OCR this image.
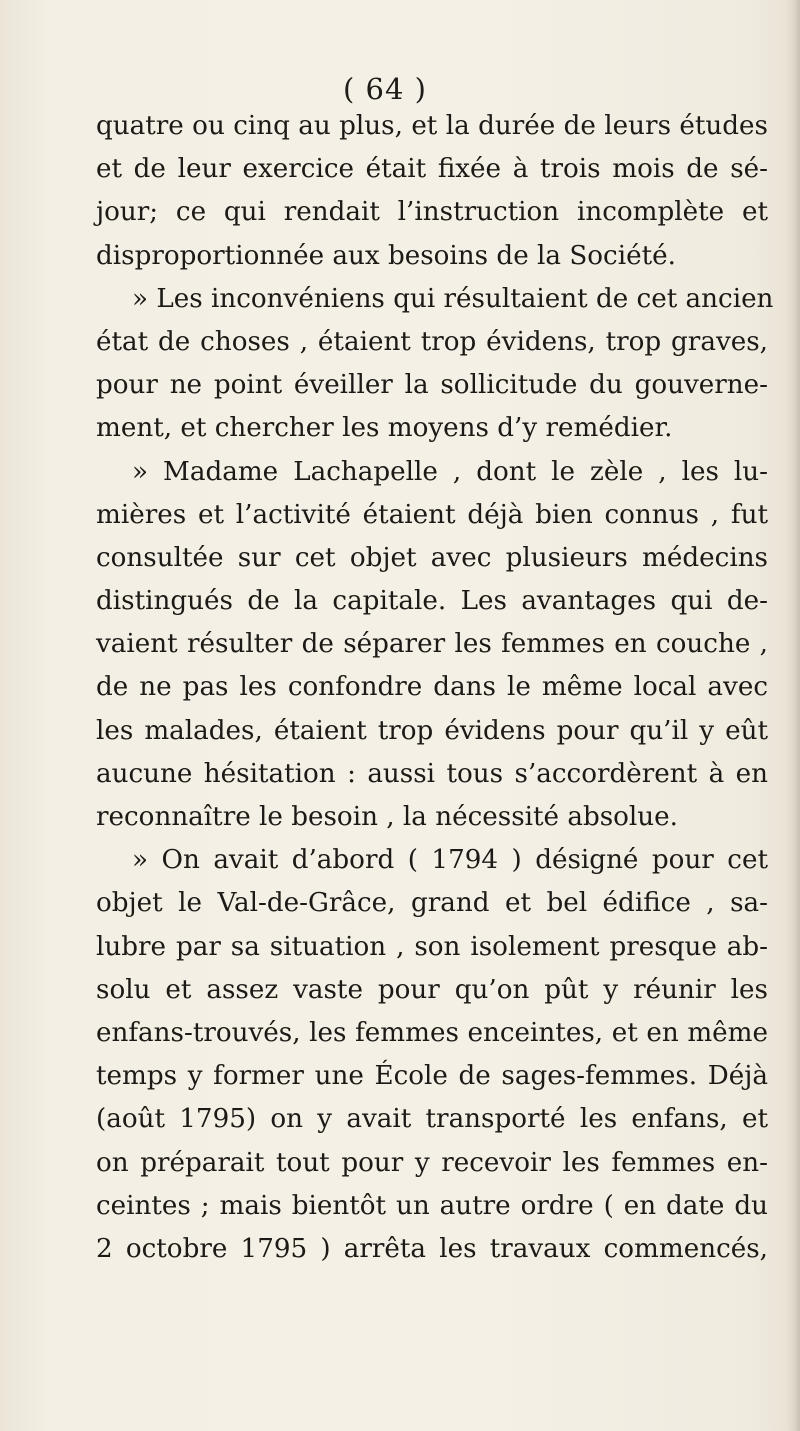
( 64 )
quatre ou cinq au plus, et la durée de leurs études
et de leur exercice était fixée à trois mois de sé-
jour; ce qui rendait l’instruction incomplète et
disproportionnée aux besoins de la Société.
» Les inconvéniens qui résultaient de cet ancien
état de choses , étaient trop évidens, trop graves,
pour ne point éveiller la sollicitude du gouverne-
ment, et chercher les moyens d’y remédier.
» Madame Lachapelle , dont le zèle , les lu-
mières et l’activité étaient déjà bien connus , fut
consultée sur cet objet avec plusieurs médecins
distingués de la capitale. Les avantages qui de-
vaient résulter de séparer les femmes en couche ,
de ne pas les confondre dans le même local avec
les malades, étaient trop évidens pour qu’il y eût
aucune hésitation : aussi tous s’accordèrent à en
reconnaître le besoin , la nécessité absolue.
» On avait d’abord ( 1794 ) désigné pour cet
objet le Val-de-Grâce, grand et bel édifice , sa-
lubre par sa situation , son isolement presque ab-
solu et assez vaste pour qu’on pût y réunir les
enfans-trouvés, les femmes enceintes, et en même
temps y former une École de sages-femmes. Déjà
(août 1795) on y avait transporté les enfans, et
on préparait tout pour y recevoir les femmes en-
ceintes ; mais bientôt un autre ordre ( en date du
2 octobre 1795 ) arrêta les travaux commencés,
